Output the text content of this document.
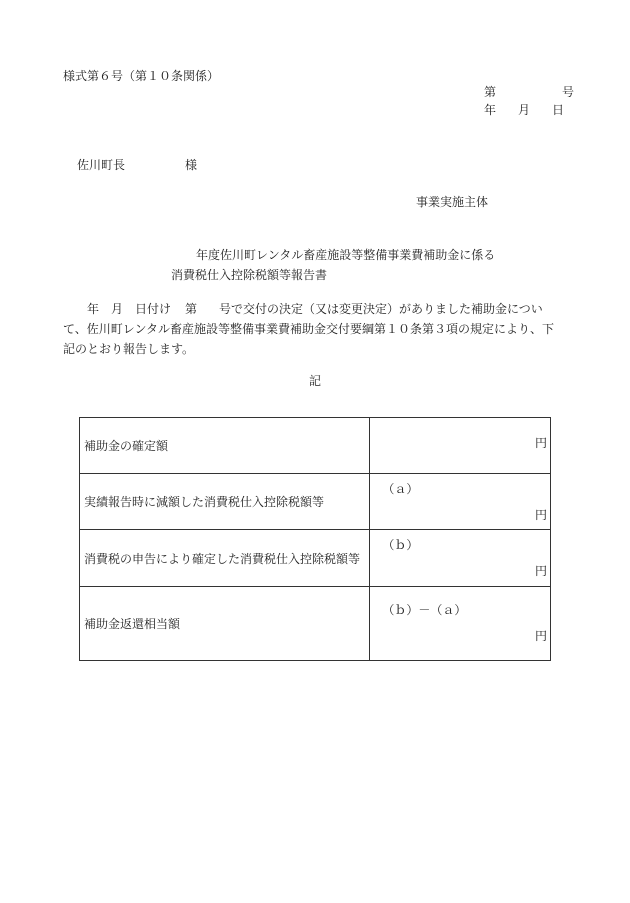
様式第６号（第１０条関係）
第	号
年 月 日
佐川町長	様
事業実施主体
年度佐川町レンタル畜産施設等整備事業費補助金に係る
消費税仕入控除税額等報告書
年　月　日付け 第 号で交付の決定（又は変更決定）がありました補助金について、佐川町レンタル畜産施設等整備事業費補助金交付要綱第１０条第３項の規定により、下記のとおり報告します。
記
補助金の確定額	円

実績報告時に減額した消費税仕入控除税額等	（ａ）
円

消費税の申告により確定した消費税仕入控除税額等	（ｂ）
円

補助金返還相当額	（ｂ）－（ａ）
円
